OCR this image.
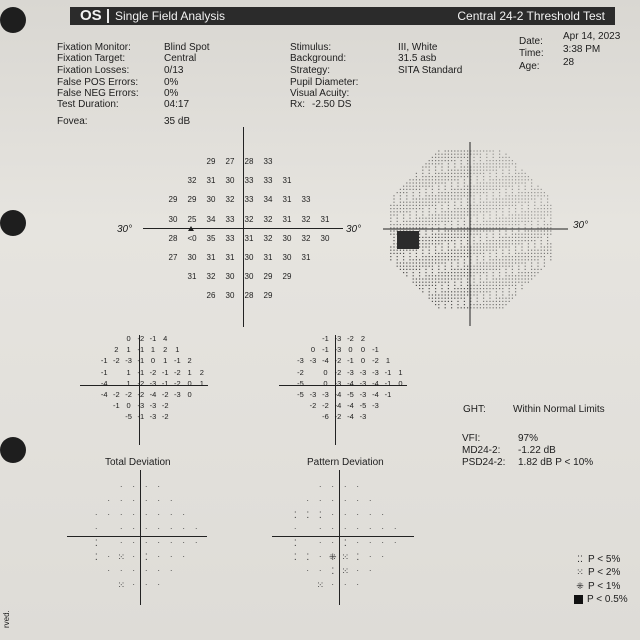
OS Single Field Analysis	Central 24-2 Threshold Test
Fixation Monitor:	Blind Spot
Fixation Target:	Central
Fixation Losses:	0/13
False POS Errors:	0%
False NEG Errors:	0%
Test Duration:	04:17
Fovea:	35 dB
Stimulus:	III, White
Background:	31.5 asb
Strategy:	SITA Standard
Pupil Diameter:
Visual Acuity:
Rx: -2.50 DS
Date: Apr 14, 2023
Time: 3:38 PM
Age: 28
30°	30°
29	27	28	33
32	31	30	33	33	31
29	29	30	32	33	34	31	33
30	25	34	33	32	32	31	32	31
28	<0	35	33	31	32	30	32	30
27	30	31	31	30	31	30	31
31	32	30	30	29	29
26	30	28	29
30°
0 -2 -1 4
2	1 -1 1	2	1
-1 -2 -3 -1 0	1 -1 2
-1	1 -1 -2 -1 -2 1	2
-4	1 -2 -3 -1 -2 0	1
-4 -2 -2 -2 -4 -2 -3 0
-1 0 -3 -3 -2
-5 -1 -3 -2
-1 -3 -2 2
0 -1 -3 0	0 -1
-3 -3 -4 -2 -1 0 -2 1
-2	0 -2 -3 -3 -3 -1 1
-5	0 -3 -4 -3 -4 -1 0
-5 -3 -3 -4 -5 -3 -4 -1
-2 -2 -4 -4 -5 -3
-6 -2 -4 -3
Total Deviation	Pattern Deviation
·	·	·	·
·	·	·	·	·	·
·	·	·	·	·	·	·	·
·	·	·	·	·	·	·	·
⁚	·	·	·	·	·	·	·
⁚	· ⁙ · ⁚	·	·	·
·	·	·	·	·	·
⁙ ·	·	·
·	·	·	·
·	·	·	·	·	·
⁚ ⁚ ⁚	·	·	·	·	·
·	·	·	·	·	·	·	·
⁚	·	· ⁚	·	·	·	·
⁚ ⁚	· ⁜ ⁙ ⁚	·	·
·	· ⁚ ⁙ ·	·
⁙ ·	·	·
GHT:	Within Normal Limits
VFI:	97%
MD24-2: -1.22 dB
PSD24-2: 1.82 dB P < 10%
⁚⁚ P < 5%
⁙ P < 2%
⁜ P < 1%
P < 0.5%
rved.
